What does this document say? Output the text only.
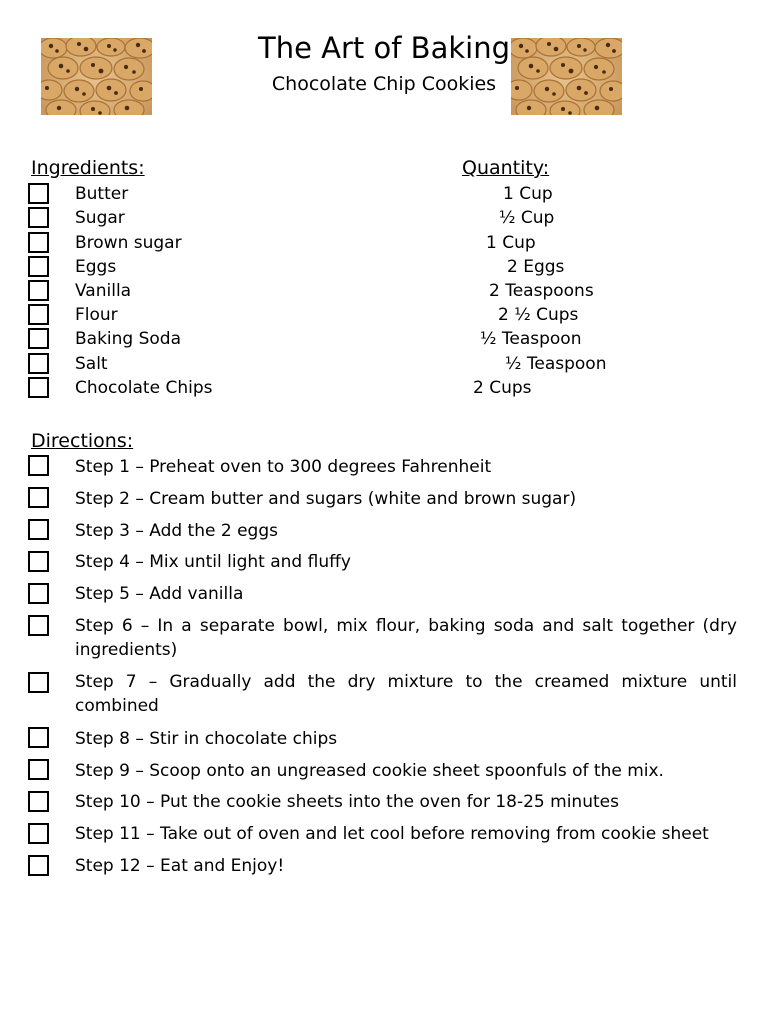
The Art of Baking
Chocolate Chip Cookies
Ingredients:	Quantity:
Butter	1 Cup
Sugar	½ Cup
Brown sugar	1 Cup
Eggs	2 Eggs
Vanilla	2 Teaspoons
Flour	2 ½ Cups
Baking Soda	½ Teaspoon
Salt	½ Teaspoon
Chocolate Chips	2 Cups
Directions:
Step 1 – Preheat oven to 300 degrees Fahrenheit
Step 2 – Cream butter and sugars (white and brown sugar)
Step 3 – Add the 2 eggs
Step 4 – Mix until light and fluffy
Step 5 – Add vanilla
Step 6 – In a separate bowl, mix flour, baking soda and salt together (dry ingredients)
Step 7 – Gradually add the dry mixture to the creamed mixture until combined
Step 8 – Stir in chocolate chips
Step 9 – Scoop onto an ungreased cookie sheet spoonfuls of the mix.
Step 10 – Put the cookie sheets into the oven for 18-25 minutes
Step 11 – Take out of oven and let cool before removing from cookie sheet
Step 12 – Eat and Enjoy!
